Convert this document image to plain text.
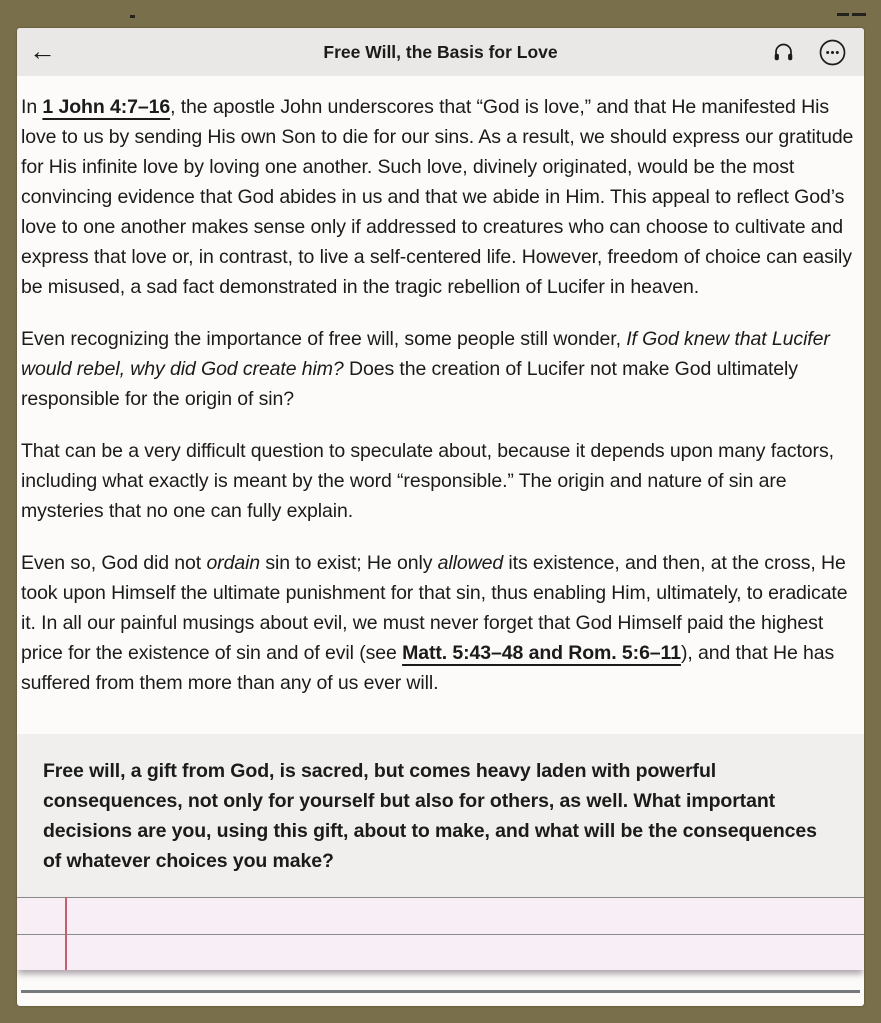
←	Free Will, the Basis for Love

In 1 John 4:7–16, the apostle John underscores that “God is love,” and that He manifested His love to us by sending His own Son to die for our sins. As a result, we should express our gratitude for His infinite love by loving one another. Such love, divinely originated, would be the most convincing evidence that God abides in us and that we abide in Him. This appeal to reflect God’s love to one another makes sense only if addressed to creatures who can choose to cultivate and express that love or, in contrast, to live a self-centered life. However, freedom of choice can easily be misused, a sad fact demonstrated in the tragic rebellion of Lucifer in heaven.

Even recognizing the importance of free will, some people still wonder, If God knew that Lucifer would rebel, why did God create him? Does the creation of Lucifer not make God ultimately responsible for the origin of sin?

That can be a very difficult question to speculate about, because it depends upon many factors, including what exactly is meant by the word “responsible.” The origin and nature of sin are mysteries that no one can fully explain.

Even so, God did not ordain sin to exist; He only allowed its existence, and then, at the cross, He took upon Himself the ultimate punishment for that sin, thus enabling Him, ultimately, to eradicate it. In all our painful musings about evil, we must never forget that God Himself paid the highest price for the existence of sin and of evil (see Matt. 5:43–48 and Rom. 5:6–11), and that He has suffered from them more than any of us ever will.

Free will, a gift from God, is sacred, but comes heavy laden with powerful consequences, not only for yourself but also for others, as well. What important decisions are you, using this gift, about to make, and what will be the consequences of whatever choices you make?
